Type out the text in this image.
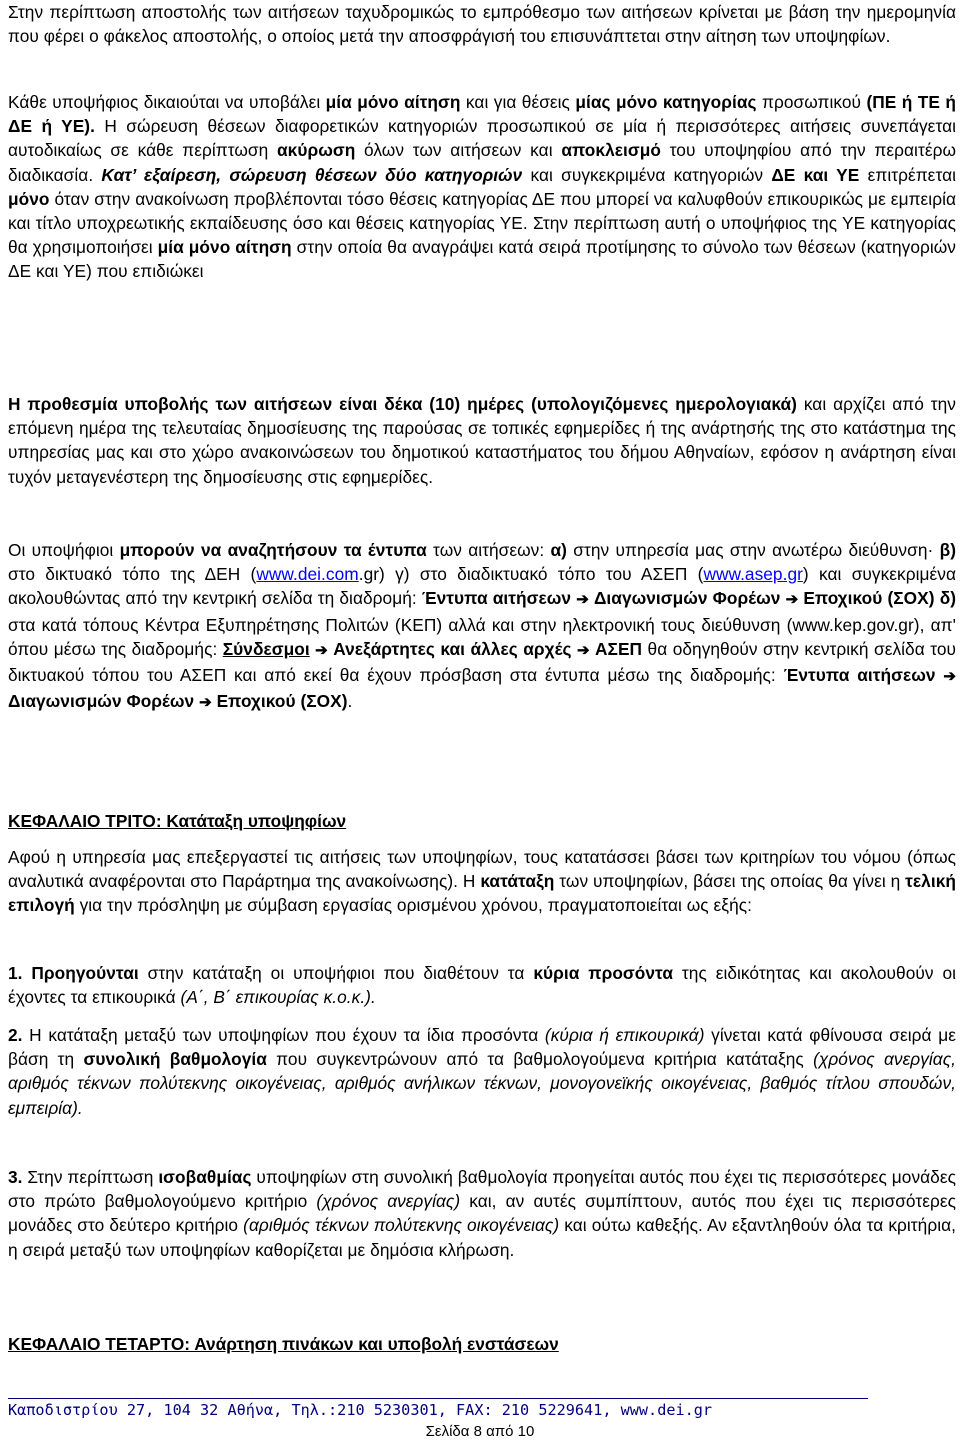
Στην περίπτωση αποστολής των αιτήσεων ταχυδρομικώς το εμπρόθεσμο των αιτήσεων κρίνεται με βάση την ημερομηνία που φέρει ο φάκελος αποστολής, ο οποίος μετά την αποσφράγισή του επισυνάπτεται στην αίτηση των υποψηφίων.

Κάθε υποψήφιος δικαιούται να υποβάλει μία μόνο αίτηση και για θέσεις μίας μόνο κατηγορίας προσωπικού (ΠΕ ή ΤΕ ή ΔΕ ή ΥΕ). Η σώρευση θέσεων διαφορετικών κατηγοριών προσωπικού σε μία ή περισσότερες αιτήσεις συνεπάγεται αυτοδικαίως σε κάθε περίπτωση ακύρωση όλων των αιτήσεων και αποκλεισμό του υποψηφίου από την περαιτέρω διαδικασία. Κατ’ εξαίρεση, σώρευση θέσεων δύο κατηγοριών και συγκεκριμένα κατηγοριών ΔΕ και ΥΕ επιτρέπεται μόνο όταν στην ανακοίνωση προβλέπονται τόσο θέσεις κατηγορίας ΔΕ που μπορεί να καλυφθούν επικουρικώς με εμπειρία και τίτλο υποχρεωτικής εκπαίδευσης όσο και θέσεις κατηγορίας ΥΕ. Στην περίπτωση αυτή ο υποψήφιος της ΥΕ κατηγορίας θα χρησιμοποιήσει μία μόνο αίτηση στην οποία θα αναγράψει κατά σειρά προτίμησης το σύνολο των θέσεων (κατηγοριών ΔΕ και ΥΕ) που επιδιώκει

Η προθεσμία υποβολής των αιτήσεων είναι δέκα (10) ημέρες (υπολογιζόμενες ημερολογιακά) και αρχίζει από την επόμενη ημέρα της τελευταίας δημοσίευσης της παρούσας σε τοπικές εφημερίδες ή της ανάρτησής της στο κατάστημα της υπηρεσίας μας και στο χώρο ανακοινώσεων του δημοτικού καταστήματος του δήμου Αθηναίων, εφόσον η ανάρτηση είναι τυχόν μεταγενέστερη της δημοσίευσης στις εφημερίδες.

Οι υποψήφιοι μπορούν να αναζητήσουν τα έντυπα των αιτήσεων: α) στην υπηρεσία μας στην ανωτέρω διεύθυνση· β) στο δικτυακό τόπο της ΔΕΗ (www.dei.com.gr) γ) στο διαδικτυακό τόπο του ΑΣΕΠ (www.asep.gr) και συγκεκριμένα ακολουθώντας από την κεντρική σελίδα τη διαδρομή: Έντυπα αιτήσεων ➔ Διαγωνισμών Φορέων ➔ Εποχικού (ΣΟΧ) δ) στα κατά τόπους Κέντρα Εξυπηρέτησης Πολιτών (ΚΕΠ) αλλά και στην ηλεκτρονική τους διεύθυνση (www.kep.gov.gr), απ' όπου μέσω της διαδρομής: Σύνδεσμοι ➔ Ανεξάρτητες και άλλες αρχές ➔ ΑΣΕΠ θα οδηγηθούν στην κεντρική σελίδα του δικτυακού τόπου του ΑΣΕΠ και από εκεί θα έχουν πρόσβαση στα έντυπα μέσω της διαδρομής: Έντυπα αιτήσεων ➔ Διαγωνισμών Φορέων ➔ Εποχικού (ΣΟΧ).

ΚΕΦΑΛΑΙΟ ΤΡΙΤΟ: Κατάταξη υποψηφίων

Αφού η υπηρεσία μας επεξεργαστεί τις αιτήσεις των υποψηφίων, τους κατατάσσει βάσει των κριτηρίων του νόμου (όπως αναλυτικά αναφέρονται στο Παράρτημα της ανακοίνωσης). Η κατάταξη των υποψηφίων, βάσει της οποίας θα γίνει η τελική επιλογή για την πρόσληψη με σύμβαση εργασίας ορισμένου χρόνου, πραγματοποιείται ως εξής:

1. Προηγούνται στην κατάταξη οι υποψήφιοι που διαθέτουν τα κύρια προσόντα της ειδικότητας και ακολουθούν οι έχοντες τα επικουρικά (Α΄, Β΄ επικουρίας κ.ο.κ.).

2. Η κατάταξη μεταξύ των υποψηφίων που έχουν τα ίδια προσόντα (κύρια ή επικουρικά) γίνεται κατά φθίνουσα σειρά με βάση τη συνολική βαθμολογία που συγκεντρώνουν από τα βαθμολογούμενα κριτήρια κατάταξης (χρόνος ανεργίας, αριθμός τέκνων πολύτεκνης οικογένειας, αριθμός ανήλικων τέκνων, μονογονεϊκής οικογένειας, βαθμός τίτλου σπουδών, εμπειρία).

3. Στην περίπτωση ισοβαθμίας υποψηφίων στη συνολική βαθμολογία προηγείται αυτός που έχει τις περισσότερες μονάδες στο πρώτο βαθμολογούμενο κριτήριο (χρόνος ανεργίας) και, αν αυτές συμπίπτουν, αυτός που έχει τις περισσότερες μονάδες στο δεύτερο κριτήριο (αριθμός τέκνων πολύτεκνης οικογένειας) και ούτω καθεξής. Αν εξαντληθούν όλα τα κριτήρια, η σειρά μεταξύ των υποψηφίων καθορίζεται με δημόσια κλήρωση.

ΚΕΦΑΛΑΙΟ ΤΕΤΑΡΤΟ: Ανάρτηση πινάκων και υποβολή ενστάσεων

Καποδιστρίου 27, 104 32 Αθήνα, Τηλ.:210 5230301, FAX: 210 5229641, www.dei.gr
Σελίδα 8 από 10
